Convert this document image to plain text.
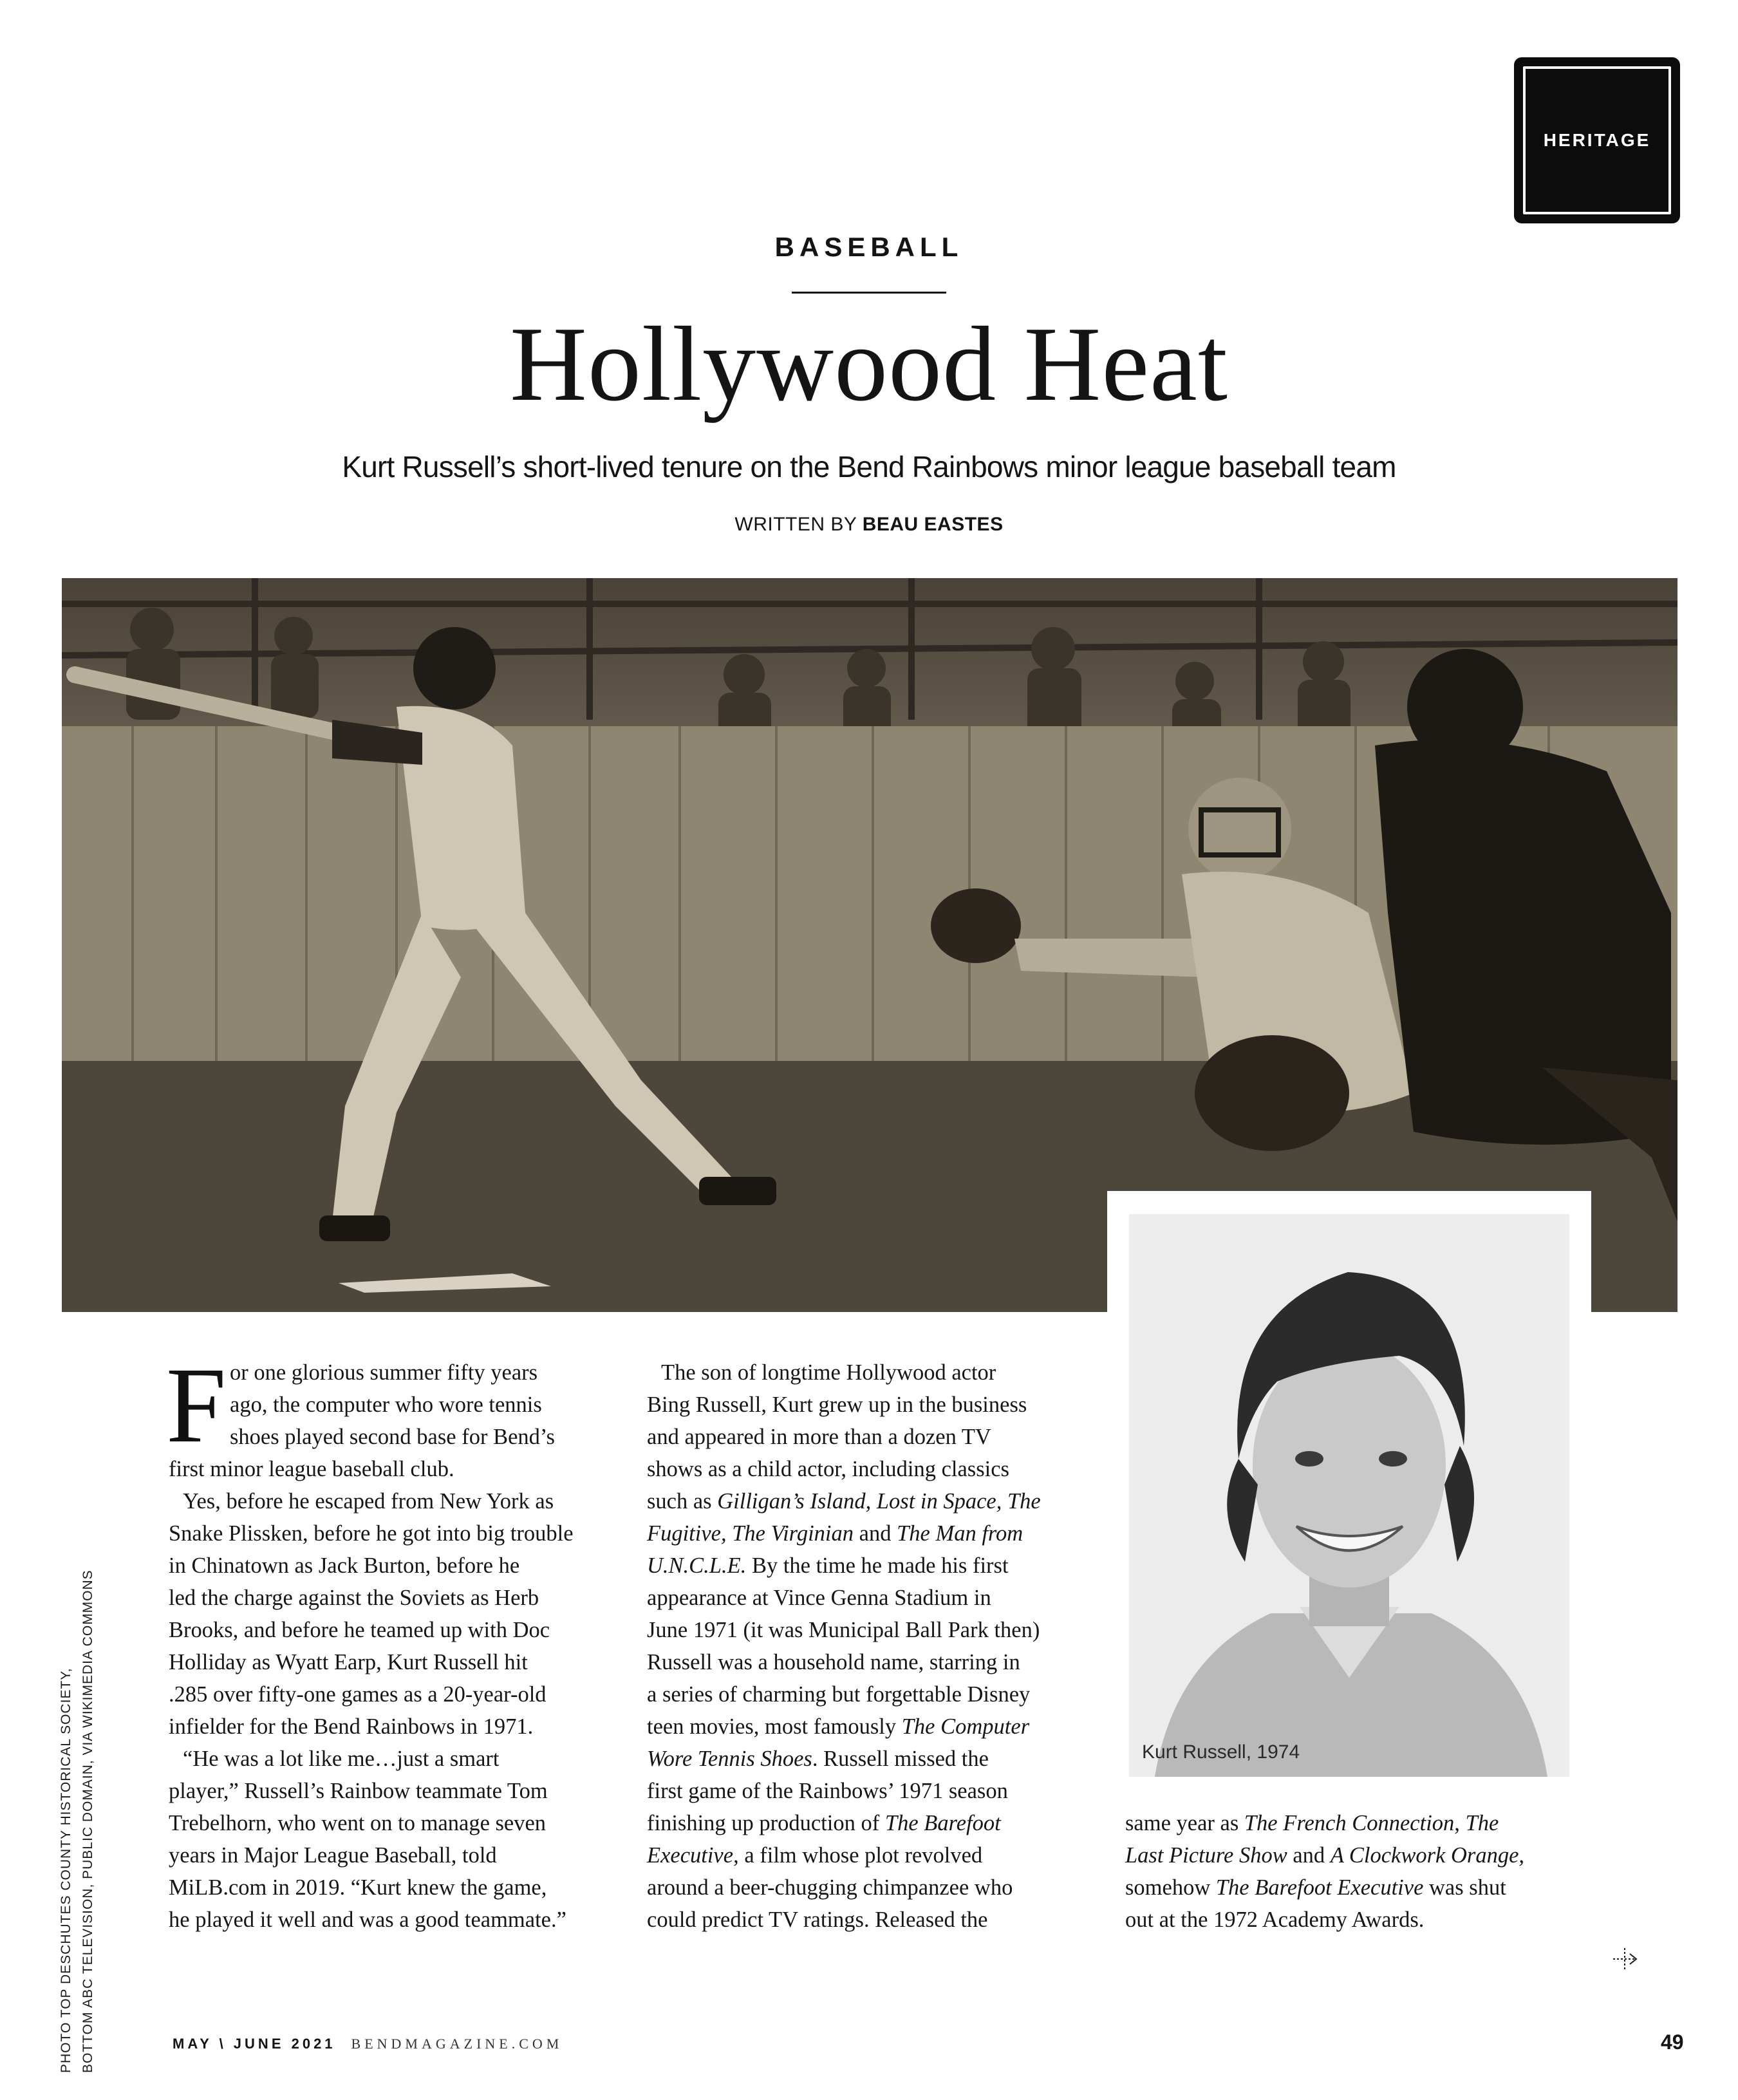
HERITAGE
BASEBALL
Hollywood Heat
Kurt Russell’s short-lived tenure on the Bend Rainbows minor league baseball team
WRITTEN BY BEAU EASTES
Kurt Russell, 1974
PHOTO TOP DESCHUTES COUNTY HISTORICAL SOCIETY, BOTTOM ABC TELEVISION, PUBLIC DOMAIN, VIA WIKIMEDIA COMMONS
F or one glorious summer fifty years
ago, the computer who wore tennis
shoes played second base for Bend’s
first minor league baseball club.
Yes, before he escaped from New York as
Snake Plissken, before he got into big trouble
in Chinatown as Jack Burton, before he
led the charge against the Soviets as Herb
Brooks, and before he teamed up with Doc
Holliday as Wyatt Earp, Kurt Russell hit
.285 over fifty-one games as a 20-year-old
infielder for the Bend Rainbows in 1971.
“He was a lot like me…just a smart
player,” Russell’s Rainbow teammate Tom
Trebelhorn, who went on to manage seven
years in Major League Baseball, told
MiLB.com in 2019. “Kurt knew the game,
he played it well and was a good teammate.”
The son of longtime Hollywood actor
Bing Russell, Kurt grew up in the business
and appeared in more than a dozen TV
shows as a child actor, including classics
such as Gilligan’s Island, Lost in Space, The
Fugitive, The Virginian and The Man from
U.N.C.L.E. By the time he made his first
appearance at Vince Genna Stadium in
June 1971 (it was Municipal Ball Park then)
Russell was a household name, starring in
a series of charming but forgettable Disney
teen movies, most famously The Computer
Wore Tennis Shoes. Russell missed the
first game of the Rainbows’ 1971 season
finishing up production of The Barefoot
Executive, a film whose plot revolved
around a beer-chugging chimpanzee who
could predict TV ratings. Released the
same year as The French Connection, The
Last Picture Show and A Clockwork Orange,
somehow The Barefoot Executive was shut
out at the 1972 Academy Awards.
MAY \ JUNE 2021 BENDMAGAZINE.COM	49
